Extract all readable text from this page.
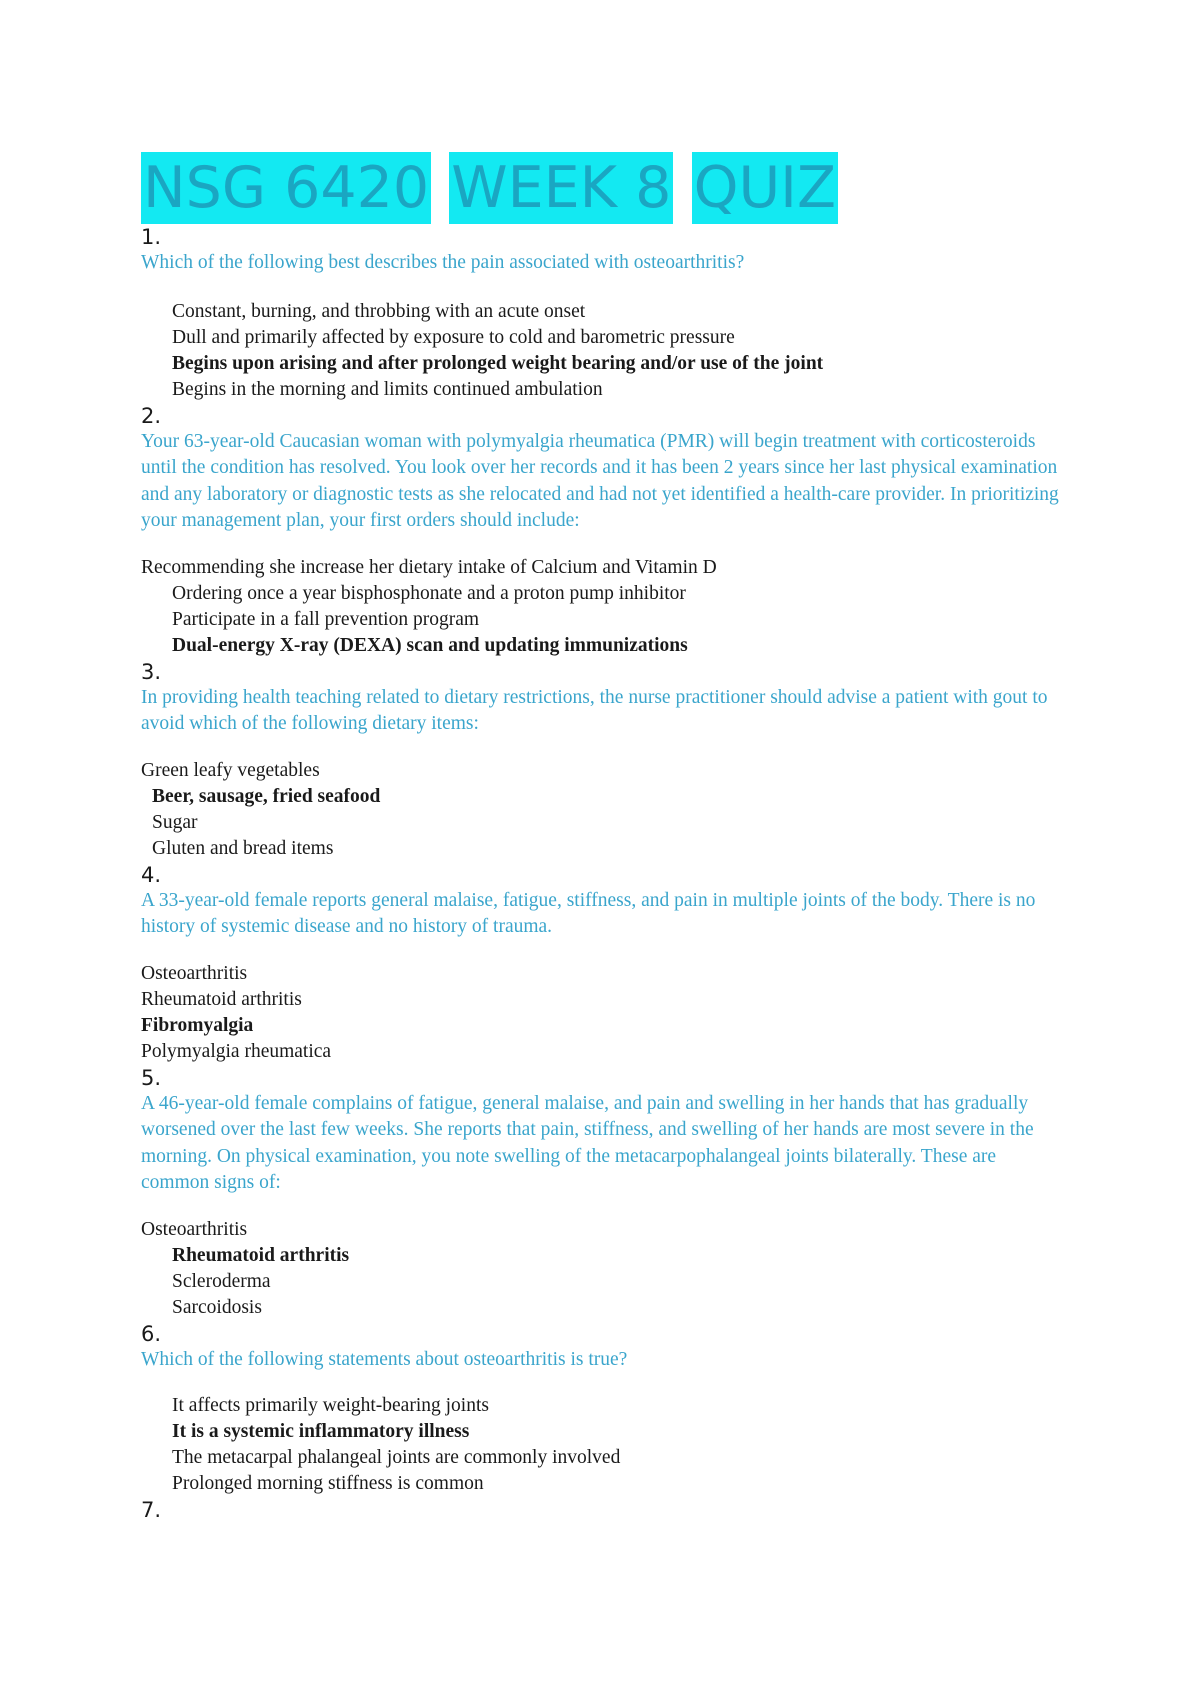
NSG 6420 WEEK 8 QUIZ
1.

Which of the following best describes the pain associated with osteoarthritis?

Constant, burning, and throbbing with an acute onset
Dull and primarily affected by exposure to cold and barometric pressure
Begins upon arising and after prolonged weight bearing and/or use of the joint
Begins in the morning and limits continued ambulation
2.

Your 63-year-old Caucasian woman with polymyalgia rheumatica (PMR) will begin treatment with corticosteroids until the condition has resolved. You look over her records and it has been 2 years since her last physical examination and any laboratory or diagnostic tests as she relocated and had not yet identified a health-care provider. In prioritizing your management plan, your first orders should include:

Recommending she increase her dietary intake of Calcium and Vitamin D
Ordering once a year bisphosphonate and a proton pump inhibitor
Participate in a fall prevention program
Dual-energy X-ray (DEXA) scan and updating immunizations
3.

In providing health teaching related to dietary restrictions, the nurse practitioner should advise a patient with gout to avoid which of the following dietary items:

Green leafy vegetables
Beer, sausage, fried seafood
Sugar
Gluten and bread items
4.

A 33-year-old female reports general malaise, fatigue, stiffness, and pain in multiple joints of the body. There is no history of systemic disease and no history of trauma.

Osteoarthritis
Rheumatoid arthritis
Fibromyalgia
Polymyalgia rheumatica
5.

A 46-year-old female complains of fatigue, general malaise, and pain and swelling in her hands that has gradually worsened over the last few weeks. She reports that pain, stiffness, and swelling of her hands are most severe in the morning. On physical examination, you note swelling of the metacarpophalangeal joints bilaterally. These are common signs of:

Osteoarthritis
Rheumatoid arthritis
Scleroderma
Sarcoidosis
6.

Which of the following statements about osteoarthritis is true?

It affects primarily weight-bearing joints
It is a systemic inflammatory illness
The metacarpal phalangeal joints are commonly involved
Prolonged morning stiffness is common
7.
